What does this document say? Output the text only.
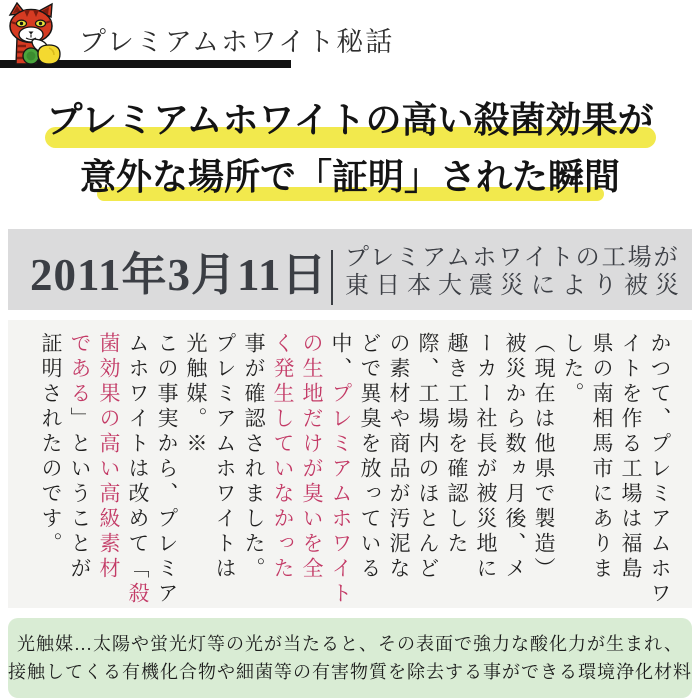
プレミアムホワイト秘話
プレミアムホワイトの高い殺菌効果が
意外な場所で「証明」された瞬間
2011年3月11日 プレミアムホワイトの工場が
東日本大震災により被災
かつて、プレミアムホワ
イトを作る工場は福島
県の南相馬市にありま
した。
（現在は他県で製造）
被災から数ヵ月後、メ
ーカー社長が被災地に
趣き工場を確認した
際、工場内のほとんど
の素材や商品が汚泥な
どで異臭を放っている
中、プレミアムホワイト
の生地だけが臭いを全
く発生していなかった
事が確認されました。
プレミアムホワイトは
光触媒。※
この事実から、プレミア
ムホワイトは改めて「殺
菌効果の高い高級素材
である」ということが
証明されたのです。
光触媒…太陽や蛍光灯等の光が当たると、その表面で強力な酸化力が生まれ、
接触してくる有機化合物や細菌等の有害物質を除去する事ができる環境浄化材料
